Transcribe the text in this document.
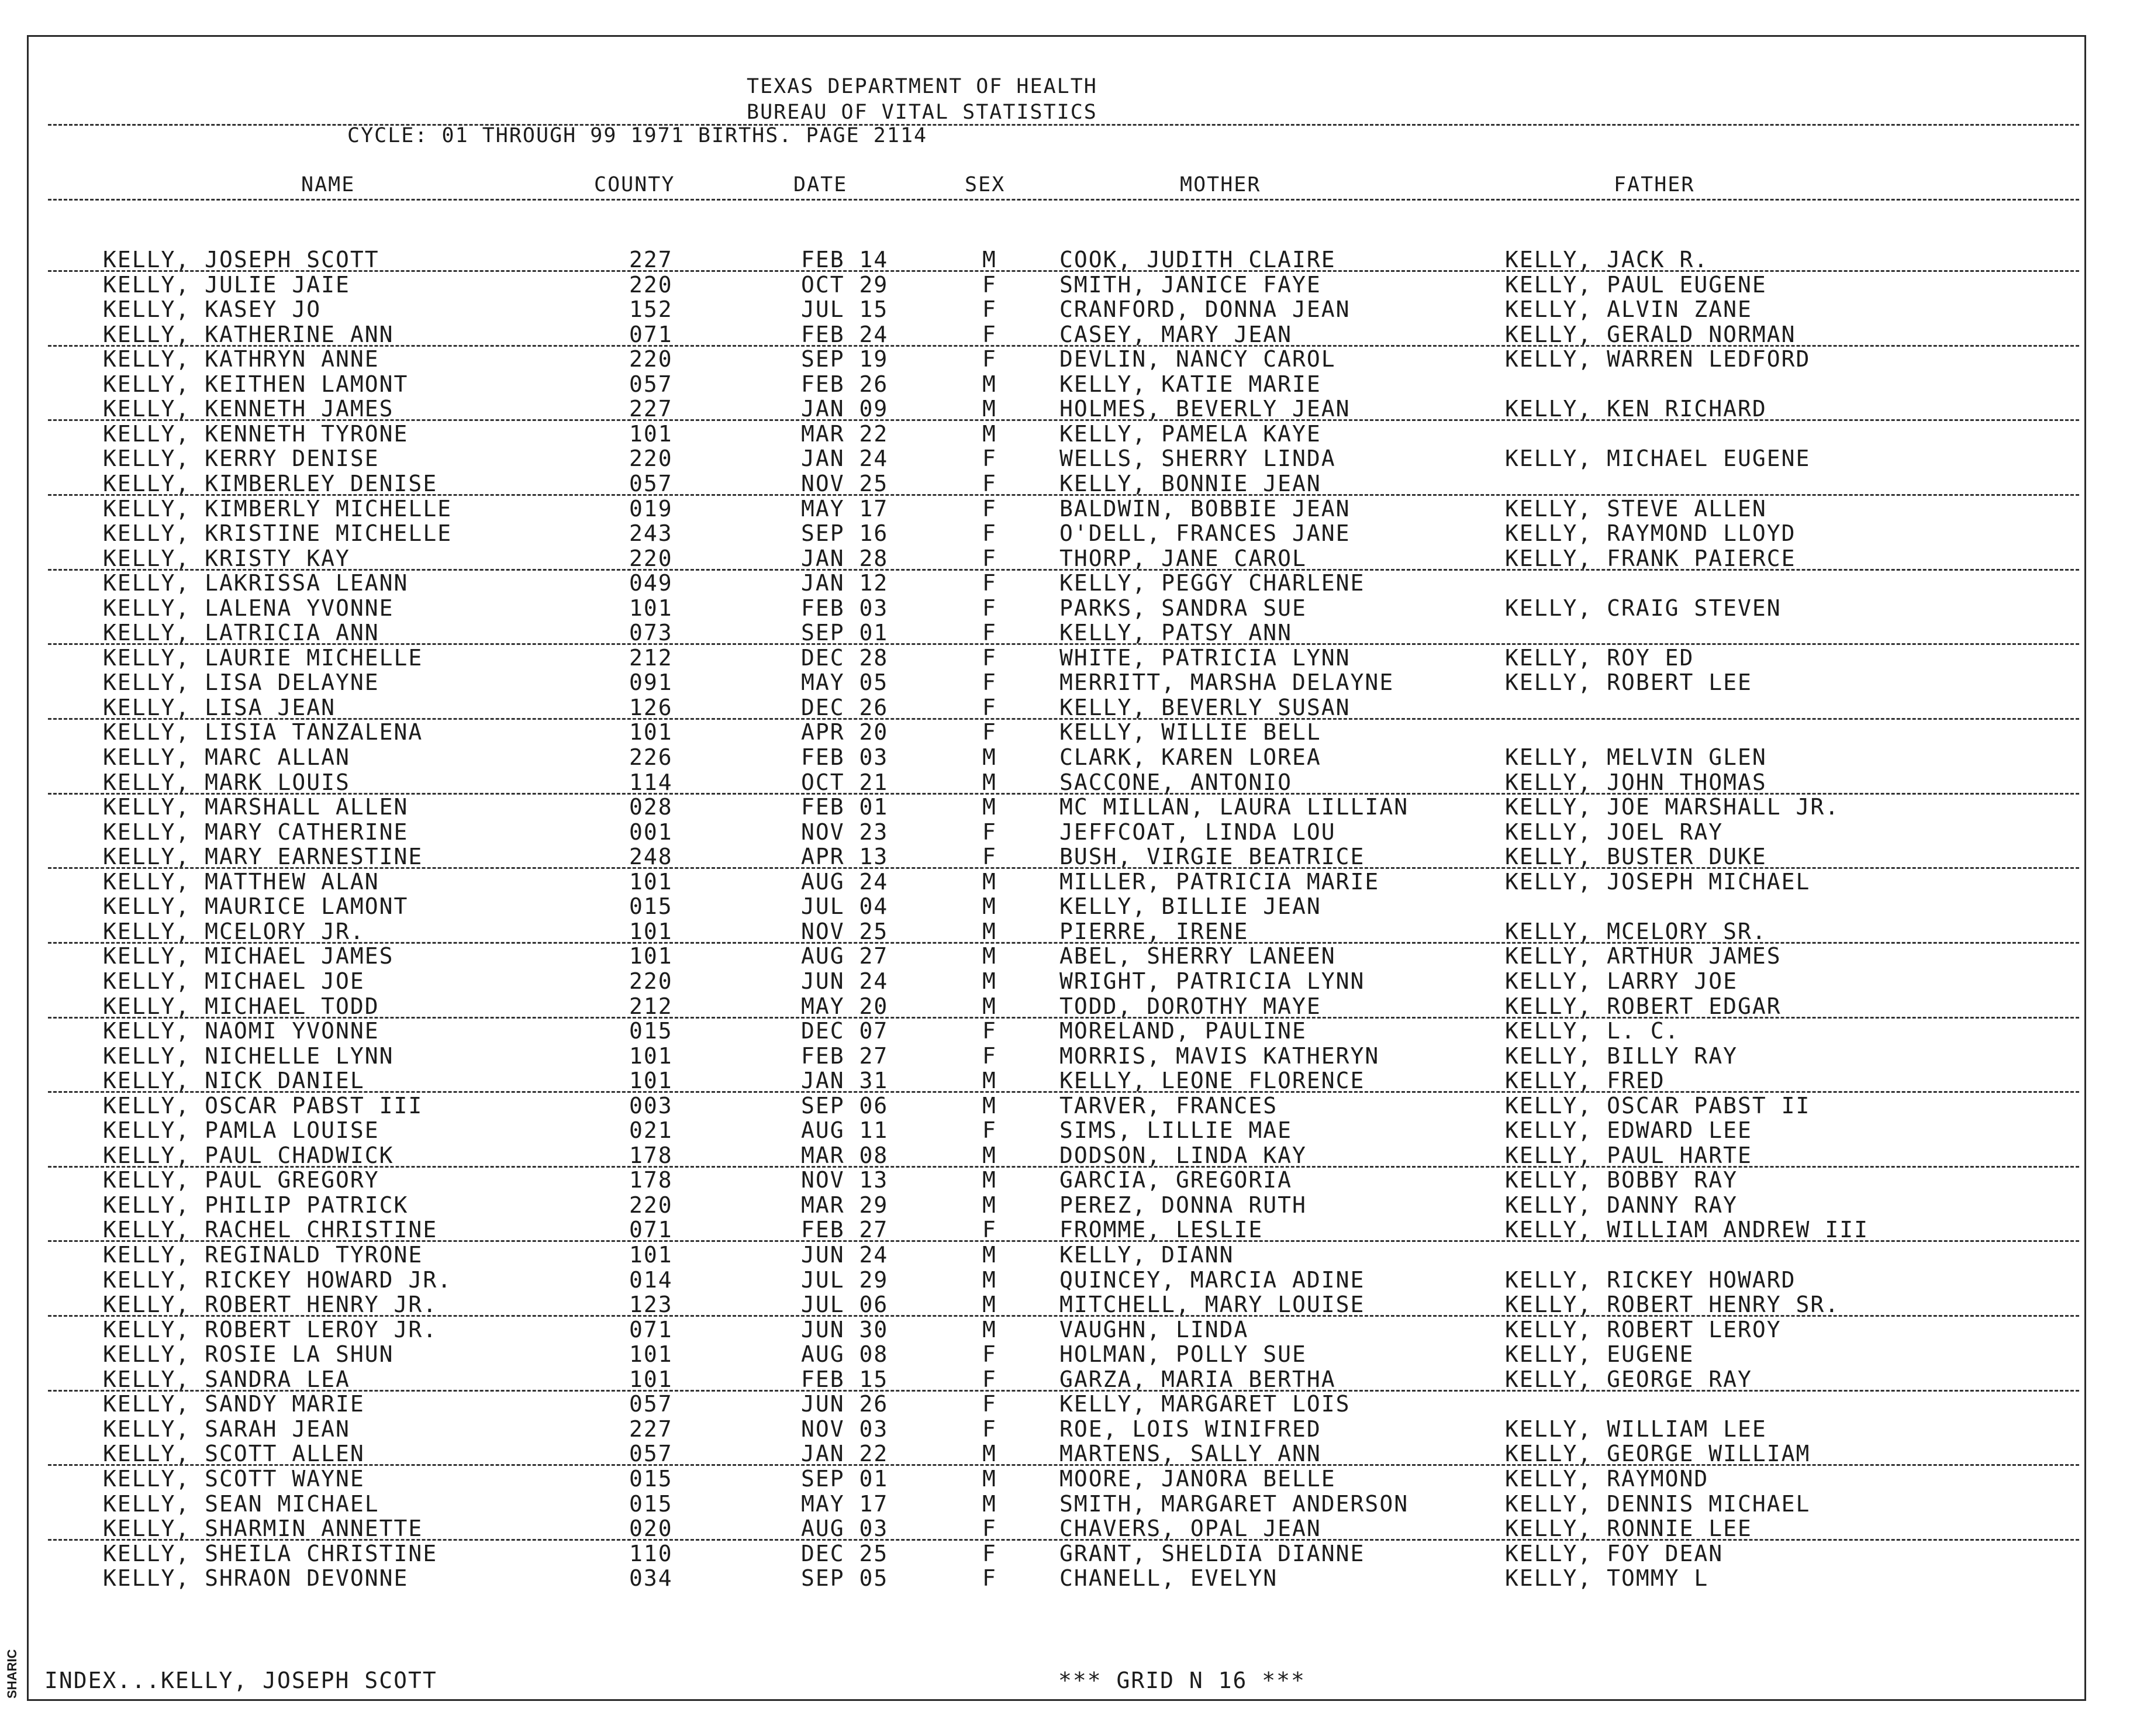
TEXAS DEPARTMENT OF HEALTH
BUREAU OF VITAL STATISTICS
CYCLE: 01 THROUGH 99 1971 BIRTHS. PAGE 2114
NAME	COUNTY	DATE	SEX	MOTHER	FATHER
KELLY, JOSEPH SCOTT	227	FEB 14	M	COOK, JUDITH CLAIRE	KELLY, JACK R.
KELLY, JULIE JAIE	220	OCT 29	F	SMITH, JANICE FAYE	KELLY, PAUL EUGENE
KELLY, KASEY JO	152	JUL 15	F	CRANFORD, DONNA JEAN	KELLY, ALVIN ZANE
KELLY, KATHERINE ANN	071	FEB 24	F	CASEY, MARY JEAN	KELLY, GERALD NORMAN
KELLY, KATHRYN ANNE	220	SEP 19	F	DEVLIN, NANCY CAROL	KELLY, WARREN LEDFORD
KELLY, KEITHEN LAMONT	057	FEB 26	M	KELLY, KATIE MARIE
KELLY, KENNETH JAMES	227	JAN 09	M	HOLMES, BEVERLY JEAN	KELLY, KEN RICHARD
KELLY, KENNETH TYRONE	101	MAR 22	M	KELLY, PAMELA KAYE
KELLY, KERRY DENISE	220	JAN 24	F	WELLS, SHERRY LINDA	KELLY, MICHAEL EUGENE
KELLY, KIMBERLEY DENISE	057	NOV 25	F	KELLY, BONNIE JEAN
KELLY, KIMBERLY MICHELLE	019	MAY 17	F	BALDWIN, BOBBIE JEAN	KELLY, STEVE ALLEN
KELLY, KRISTINE MICHELLE	243	SEP 16	F	O'DELL, FRANCES JANE	KELLY, RAYMOND LLOYD
KELLY, KRISTY KAY	220	JAN 28	F	THORP, JANE CAROL	KELLY, FRANK PAIERCE
KELLY, LAKRISSA LEANN	049	JAN 12	F	KELLY, PEGGY CHARLENE
KELLY, LALENA YVONNE	101	FEB 03	F	PARKS, SANDRA SUE	KELLY, CRAIG STEVEN
KELLY, LATRICIA ANN	073	SEP 01	F	KELLY, PATSY ANN
KELLY, LAURIE MICHELLE	212	DEC 28	F	WHITE, PATRICIA LYNN	KELLY, ROY ED
KELLY, LISA DELAYNE	091	MAY 05	F	MERRITT, MARSHA DELAYNE	KELLY, ROBERT LEE
KELLY, LISA JEAN	126	DEC 26	F	KELLY, BEVERLY SUSAN
KELLY, LISIA TANZALENA	101	APR 20	F	KELLY, WILLIE BELL
KELLY, MARC ALLAN	226	FEB 03	M	CLARK, KAREN LOREA	KELLY, MELVIN GLEN
KELLY, MARK LOUIS	114	OCT 21	M	SACCONE, ANTONIO	KELLY, JOHN THOMAS
KELLY, MARSHALL ALLEN	028	FEB 01	M	MC MILLAN, LAURA LILLIAN	KELLY, JOE MARSHALL JR.
KELLY, MARY CATHERINE	001	NOV 23	F	JEFFCOAT, LINDA LOU	KELLY, JOEL RAY
KELLY, MARY EARNESTINE	248	APR 13	F	BUSH, VIRGIE BEATRICE	KELLY, BUSTER DUKE
KELLY, MATTHEW ALAN	101	AUG 24	M	MILLER, PATRICIA MARIE	KELLY, JOSEPH MICHAEL
KELLY, MAURICE LAMONT	015	JUL 04	M	KELLY, BILLIE JEAN
KELLY, MCELORY JR.	101	NOV 25	M	PIERRE, IRENE	KELLY, MCELORY SR.
KELLY, MICHAEL JAMES	101	AUG 27	M	ABEL, SHERRY LANEEN	KELLY, ARTHUR JAMES
KELLY, MICHAEL JOE	220	JUN 24	M	WRIGHT, PATRICIA LYNN	KELLY, LARRY JOE
KELLY, MICHAEL TODD	212	MAY 20	M	TODD, DOROTHY MAYE	KELLY, ROBERT EDGAR
KELLY, NAOMI YVONNE	015	DEC 07	F	MORELAND, PAULINE	KELLY, L. C.
KELLY, NICHELLE LYNN	101	FEB 27	F	MORRIS, MAVIS KATHERYN	KELLY, BILLY RAY
KELLY, NICK DANIEL	101	JAN 31	M	KELLY, LEONE FLORENCE	KELLY, FRED
KELLY, OSCAR PABST III	003	SEP 06	M	TARVER, FRANCES	KELLY, OSCAR PABST II
KELLY, PAMLA LOUISE	021	AUG 11	F	SIMS, LILLIE MAE	KELLY, EDWARD LEE
KELLY, PAUL CHADWICK	178	MAR 08	M	DODSON, LINDA KAY	KELLY, PAUL HARTE
KELLY, PAUL GREGORY	178	NOV 13	M	GARCIA, GREGORIA	KELLY, BOBBY RAY
KELLY, PHILIP PATRICK	220	MAR 29	M	PEREZ, DONNA RUTH	KELLY, DANNY RAY
KELLY, RACHEL CHRISTINE	071	FEB 27	F	FROMME, LESLIE	KELLY, WILLIAM ANDREW III
KELLY, REGINALD TYRONE	101	JUN 24	M	KELLY, DIANN
KELLY, RICKEY HOWARD JR.	014	JUL 29	M	QUINCEY, MARCIA ADINE	KELLY, RICKEY HOWARD
KELLY, ROBERT HENRY JR.	123	JUL 06	M	MITCHELL, MARY LOUISE	KELLY, ROBERT HENRY SR.
KELLY, ROBERT LEROY JR.	071	JUN 30	M	VAUGHN, LINDA	KELLY, ROBERT LEROY
KELLY, ROSIE LA SHUN	101	AUG 08	F	HOLMAN, POLLY SUE	KELLY, EUGENE
KELLY, SANDRA LEA	101	FEB 15	F	GARZA, MARIA BERTHA	KELLY, GEORGE RAY
KELLY, SANDY MARIE	057	JUN 26	F	KELLY, MARGARET LOIS
KELLY, SARAH JEAN	227	NOV 03	F	ROE, LOIS WINIFRED	KELLY, WILLIAM LEE
KELLY, SCOTT ALLEN	057	JAN 22	M	MARTENS, SALLY ANN	KELLY, GEORGE WILLIAM
KELLY, SCOTT WAYNE	015	SEP 01	M	MOORE, JANORA BELLE	KELLY, RAYMOND
KELLY, SEAN MICHAEL	015	MAY 17	M	SMITH, MARGARET ANDERSON	KELLY, DENNIS MICHAEL
KELLY, SHARMIN ANNETTE	020	AUG 03	F	CHAVERS, OPAL JEAN	KELLY, RONNIE LEE
KELLY, SHEILA CHRISTINE	110	DEC 25	F	GRANT, SHELDIA DIANNE	KELLY, FOY DEAN
KELLY, SHRAON DEVONNE	034	SEP 05	F	CHANELL, EVELYN	KELLY, TOMMY L
INDEX...KELLY, JOSEPH SCOTT	*** GRID N 16 ***
SHARIC
